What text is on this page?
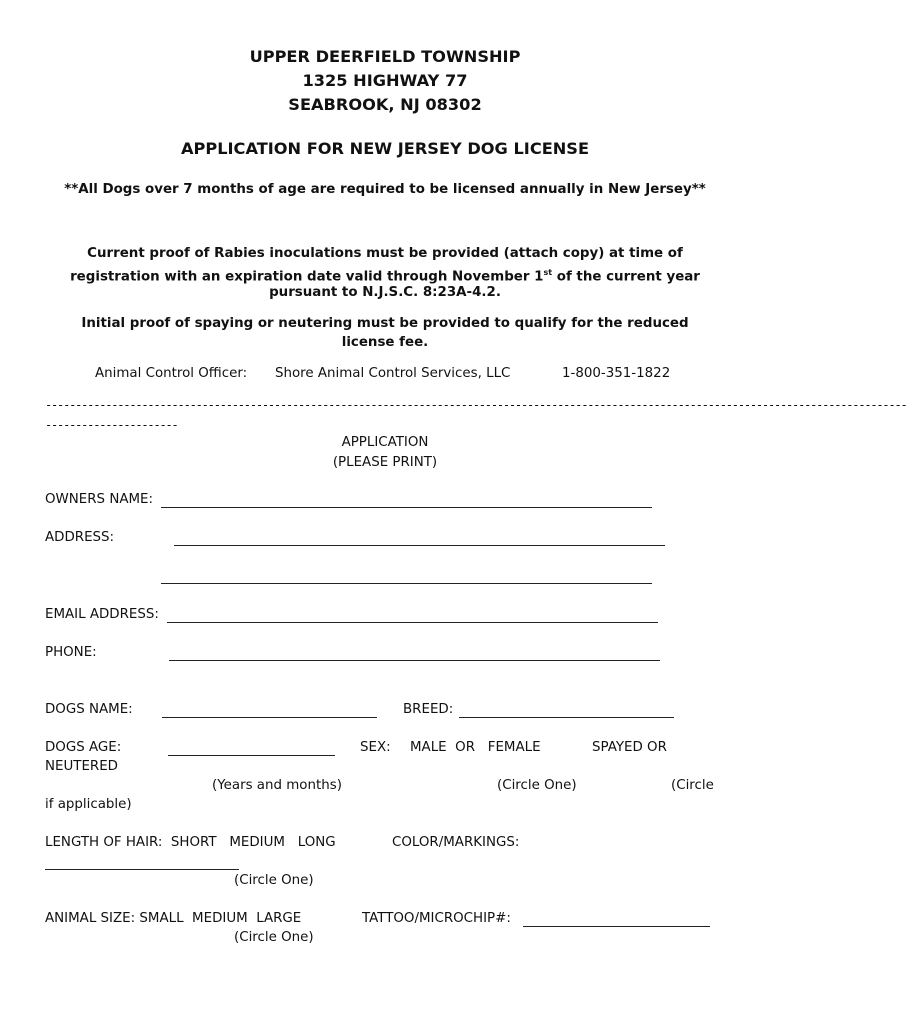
UPPER DEERFIELD TOWNSHIP
1325 HIGHWAY 77
SEABROOK, NJ 08302
APPLICATION FOR NEW JERSEY DOG LICENSE
**All Dogs over 7 months of age are required to be licensed annually in New Jersey**
Current proof of Rabies inoculations must be provided (attach copy) at time of
registration with an expiration date valid through November 1st of the current year
pursuant to N.J.S.C. 8:23A-4.2.
Initial proof of spaying or neutering must be provided to qualify for the reduced
license fee.
Animal Control Officer: Shore Animal Control Services, LLC	1-800-351-1822
-----------------------------------------------------------------------------------------------------------------------------------------------
----------------------
APPLICATION
(PLEASE PRINT)
OWNERS NAME:
ADDRESS:
EMAIL ADDRESS:
PHONE:
DOGS NAME:	BREED:
DOGS AGE:	SEX: MALE  OR   FEMALE	SPAYED OR
NEUTERED
(Years and months)	(Circle One)	(Circle
if applicable)
LENGTH OF HAIR:  SHORT   MEDIUM   LONG	COLOR/MARKINGS:
(Circle One)
ANIMAL SIZE: SMALL  MEDIUM  LARGE	TATTOO/MICROCHIP#:
(Circle One)
